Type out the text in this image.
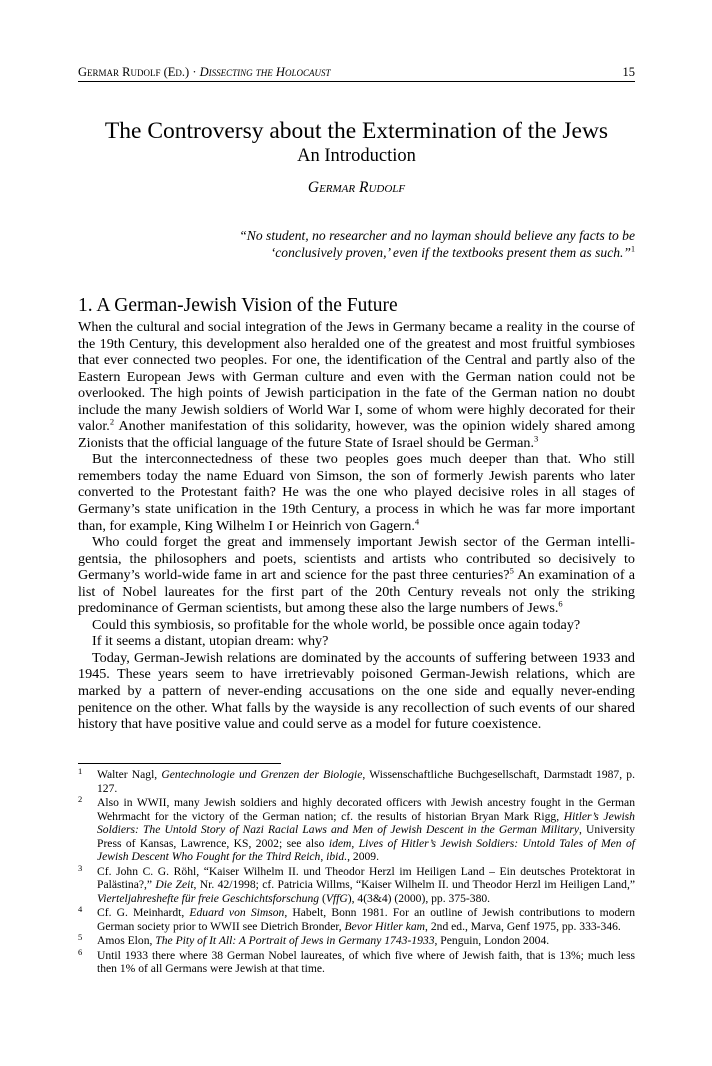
Germar Rudolf (Ed.) · Dissecting the Holocaust	15
The Controversy about the Extermination of the Jews
An Introduction
Germar Rudolf
“No student, no researcher and no layman should believe any facts to be
‘conclusively proven,’ even if the textbooks present them as such.”$^1$
1. A German-Jewish Vision of the Future

When the cultural and social integration of the Jews in Germany became a reality in the course of the 19th Century, this development also heralded one of the greatest and most fruitful symbioses that ever connected two peoples. For one, the identification of the Central and partly also of the Eastern European Jews with German culture and even with the German nation could not be overlooked. The high points of Jewish participation in the fate of the German nation no doubt include the many Jewish soldiers of World War I, some of whom were highly decorated for their valor.$^2$ Another manifestation of this solidarity, however, was the opinion widely shared among Zionists that the official language of the future State of Israel should be German.$^3$

But the interconnectedness of these two peoples goes much deeper than that. Who still remembers today the name Eduard von Simson, the son of formerly Jewish parents who later converted to the Protestant faith? He was the one who played decisive roles in all stages of Germany’s state unification in the 19th Century, a process in which he was far more important than, for example, King Wilhelm I or Heinrich von Gagern.$^4$

Who could forget the great and immensely important Jewish sector of the German intelligentsia, the philosophers and poets, scientists and artists who contributed so decisively to Germany’s world-wide fame in art and science for the past three centuries?$^5$ An examination of a list of Nobel laureates for the first part of the 20th Century reveals not only the striking predominance of German scientists, but among these also the large numbers of Jews.$^6$

Could this symbiosis, so profitable for the whole world, be possible once again today?

If it seems a distant, utopian dream: why?

Today, German-Jewish relations are dominated by the accounts of suffering between 1933 and 1945. These years seem to have irretrievably poisoned German-Jewish relations, which are marked by a pattern of never-ending accusations on the one side and equally never-ending penitence on the other. What falls by the wayside is any recollection of such events of our shared history that have positive value and could serve as a model for future coexistence.

1 Walter Nagl, Gentechnologie und Grenzen der Biologie, Wissenschaftliche Buchgesellschaft, Darmstadt 1987, p. 127.
2 Also in WWII, many Jewish soldiers and highly decorated officers with Jewish ancestry fought in the German Wehrmacht for the victory of the German nation; cf. the results of historian Bryan Mark Rigg, Hitler’s Jewish Soldiers: The Untold Story of Nazi Racial Laws and Men of Jewish Descent in the German Military, University Press of Kansas, Lawrence, KS, 2002; see also idem, Lives of Hitler’s Jewish Soldiers: Untold Tales of Men of Jewish Descent Who Fought for the Third Reich, ibid., 2009.
3 Cf. John C. G. Röhl, “Kaiser Wilhelm II. und Theodor Herzl im Heiligen Land – Ein deutsches Protektorat in Palästina?,” Die Zeit, Nr. 42/1998; cf. Patricia Willms, “Kaiser Wilhelm II. und Theodor Herzl im Heiligen Land,” Vierteljahreshefte für freie Geschichtsforschung (VffG), 4(3&4) (2000), pp. 375-380.
4 Cf. G. Meinhardt, Eduard von Simson, Habelt, Bonn 1981. For an outline of Jewish contributions to modern German society prior to WWII see Dietrich Bronder, Bevor Hitler kam, 2nd ed., Marva, Genf 1975, pp. 333-346.
5 Amos Elon, The Pity of It All: A Portrait of Jews in Germany 1743-1933, Penguin, London 2004.
6 Until 1933 there where 38 German Nobel laureates, of which five where of Jewish faith, that is 13%; much less then 1% of all Germans were Jewish at that time.
